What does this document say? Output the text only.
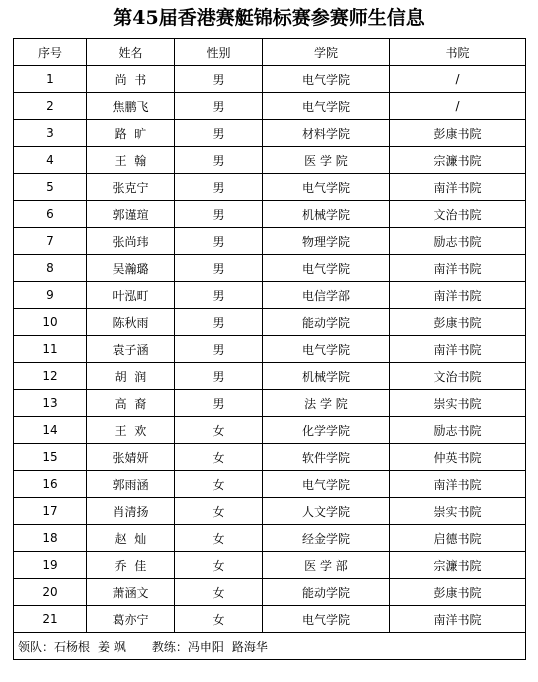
第45届香港赛艇锦标赛参赛师生信息
序号	姓名	性别	学院	书院
1	尚  书	男	电气学院	/
2	焦鹏飞	男	电气学院	/
3	路  旷	男	材料学院	彭康书院
4	王  翰	男	医 学 院	宗濂书院
5	张克宁	男	电气学院	南洋书院
6	郭谨瑄	男	机械学院	文治书院
7	张尚玮	男	物理学院	励志书院
8	吴瀚璐	男	电气学院	南洋书院
9	叶泓町	男	电信学部	南洋书院
10	陈秋雨	男	能动学院	彭康书院
11	袁子涵	男	电气学院	南洋书院
12	胡  润	男	机械学院	文治书院
13	高  裔	男	法 学 院	崇实书院
14	王  欢	女	化学学院	励志书院
15	张婧妍	女	软件学院	仲英书院
16	郭雨涵	女	电气学院	南洋书院
17	肖清扬	女	人文学院	崇实书院
18	赵  灿	女	经金学院	启德书院
19	乔  佳	女	医 学 部	宗濂书院
20	萧涵文	女	能动学院	彭康书院
21	葛亦宁	女	电气学院	南洋书院
领队：石杨根 姜 飒 教练：冯申阳 路海华				
